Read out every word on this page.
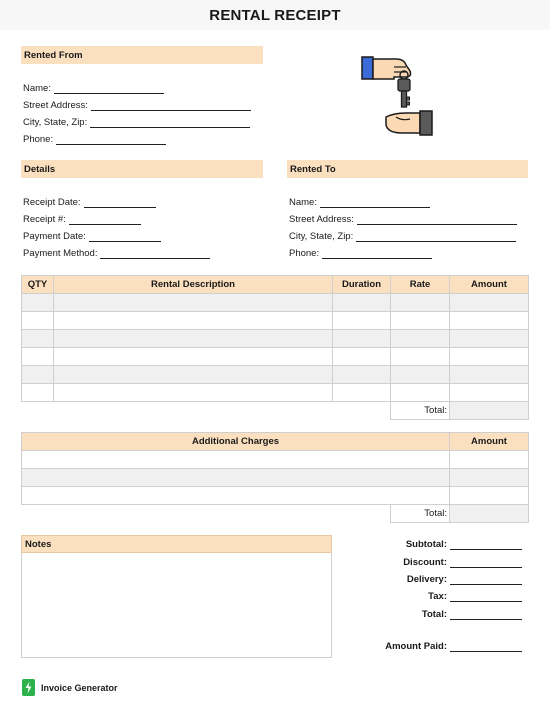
RENTAL RECEIPT
Rented From
Name:
Street Address:
City, State, Zip:
Phone:
Details
Receipt Date:
Receipt #:
Payment Date:
Payment Method:
Rented To
Name:
Street Address:
City, State, Zip:
Phone:
QTY	Rental Description	Duration	Rate	Amount

			Total:	
Additional Charges		Amount

	Total:	
Notes	Subtotal:
Discount:
Delivery:
Tax:
Total:
Amount Paid:
Invoice Generator
